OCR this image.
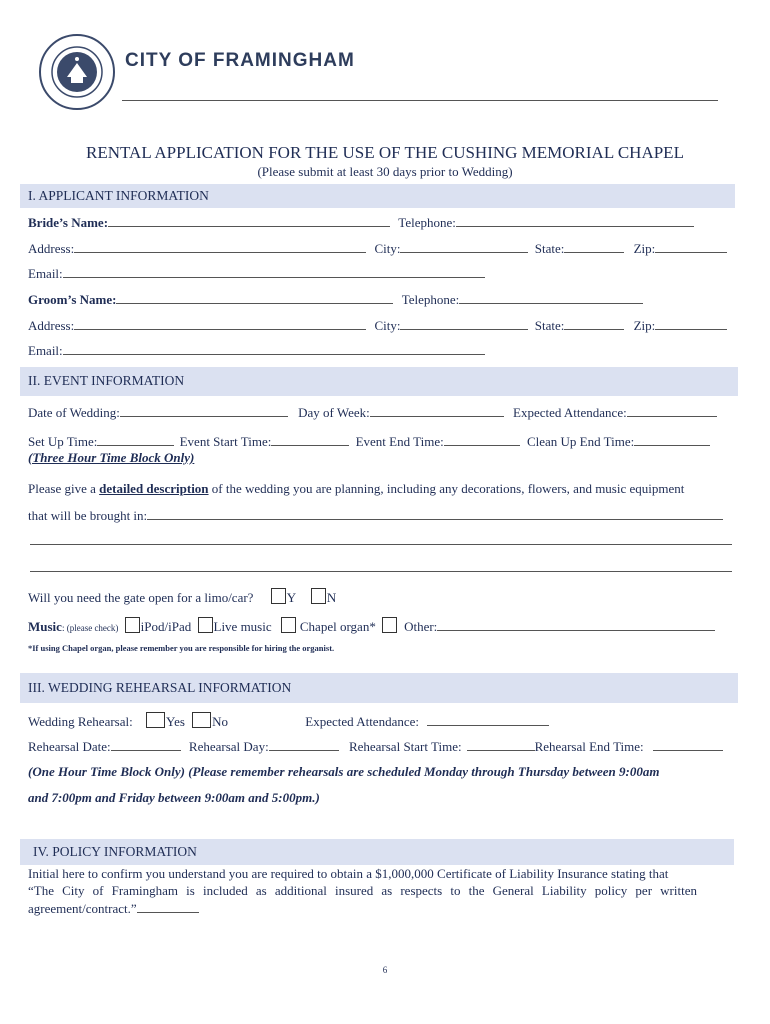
CITY OF FRAMINGHAM
RENTAL APPLICATION FOR THE USE OF THE CUSHING MEMORIAL CHAPEL
(Please submit at least 30 days prior to Wedding)
I. APPLICANT INFORMATION
Bride’s Name:	Telephone:
Address:	City:	State:	Zip:
Email:
Groom’s Name:	Telephone:
Address:	City:	State:	Zip:
Email:
II. EVENT INFORMATION
Date of Wedding:	Day of Week:	Expected Attendance:
Set Up Time:	Event Start Time:	Event End Time:	Clean Up End Time:
(Three Hour Time Block Only)
Please give a detailed description of the wedding you are planning, including any decorations, flowers, and music equipment
that will be brought in:
Will you need the gate open for a limo/car?	Y N
Music: (please check) iPod/iPad Live music Chapel organ* Other:
*If using Chapel organ, please remember you are responsible for hiring the organist.
III. WEDDING REHEARSAL INFORMATION
Wedding Rehearsal:	Yes No	Expected Attendance:
Rehearsal Date:	Rehearsal Day:	Rehearsal Start Time:	Rehearsal End Time:
(One Hour Time Block Only) (Please remember rehearsals are scheduled Monday through Thursday between 9:00am
and 7:00pm and Friday between 9:00am and 5:00pm.)
IV. POLICY INFORMATION
Initial here to confirm you understand you are required to obtain a $1,000,000 Certificate of Liability Insurance stating that
“The City of Framingham is included as additional insured as respects to the General Liability policy per written
agreement/contract.”
6
